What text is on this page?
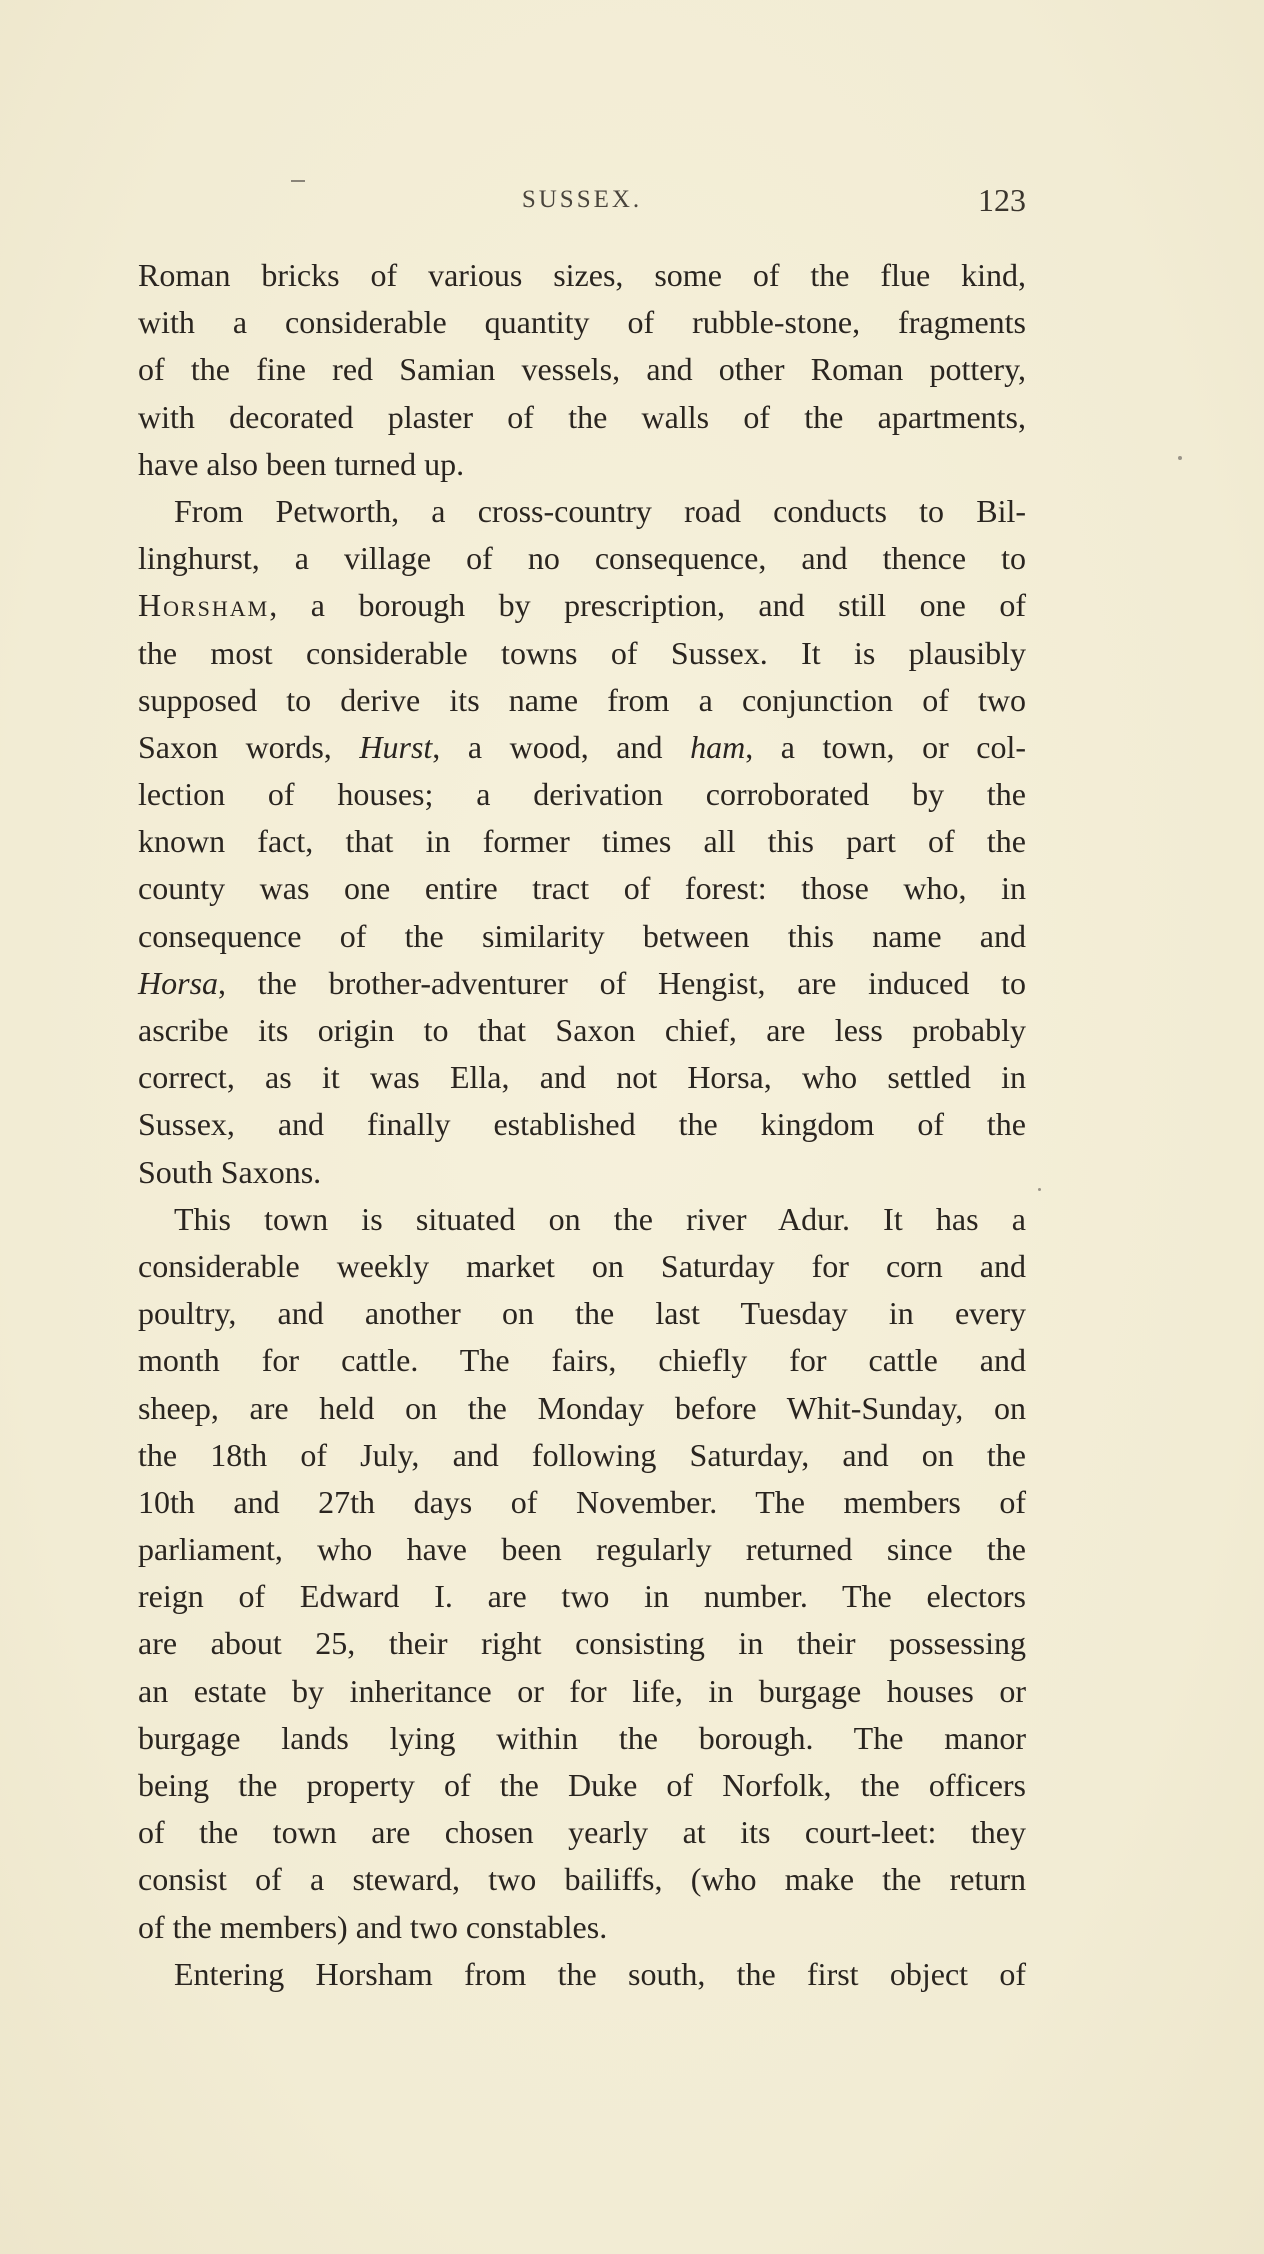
SUSSEX.	123
Roman bricks of various sizes, some of the flue kind,
with a considerable quantity of rubble-stone, fragments
of the fine red Samian vessels, and other Roman pottery,
with decorated plaster of the walls of the apartments,
have also been turned up.
From Petworth, a cross-country road conducts to Bil-
linghurst, a village of no consequence, and thence to
Horsham, a borough by prescription, and still one of
the most considerable towns of Sussex. It is plausibly
supposed to derive its name from a conjunction of two
Saxon words, Hurst, a wood, and ham, a town, or col-
lection of houses; a derivation corroborated by the
known fact, that in former times all this part of the
county was one entire tract of forest: those who, in
consequence of the similarity between this name and
Horsa, the brother-adventurer of Hengist, are induced to
ascribe its origin to that Saxon chief, are less probably
correct, as it was Ella, and not Horsa, who settled in
Sussex, and finally established the kingdom of the
South Saxons.
This town is situated on the river Adur. It has a
considerable weekly market on Saturday for corn and
poultry, and another on the last Tuesday in every
month for cattle. The fairs, chiefly for cattle and
sheep, are held on the Monday before Whit-Sunday, on
the 18th of July, and following Saturday, and on the
10th and 27th days of November. The members of
parliament, who have been regularly returned since the
reign of Edward I. are two in number. The electors
are about 25, their right consisting in their possessing
an estate by inheritance or for life, in burgage houses or
burgage lands lying within the borough. The manor
being the property of the Duke of Norfolk, the officers
of the town are chosen yearly at its court-leet: they
consist of a steward, two bailiffs, (who make the return
of the members) and two constables.
Entering Horsham from the south, the first object of
